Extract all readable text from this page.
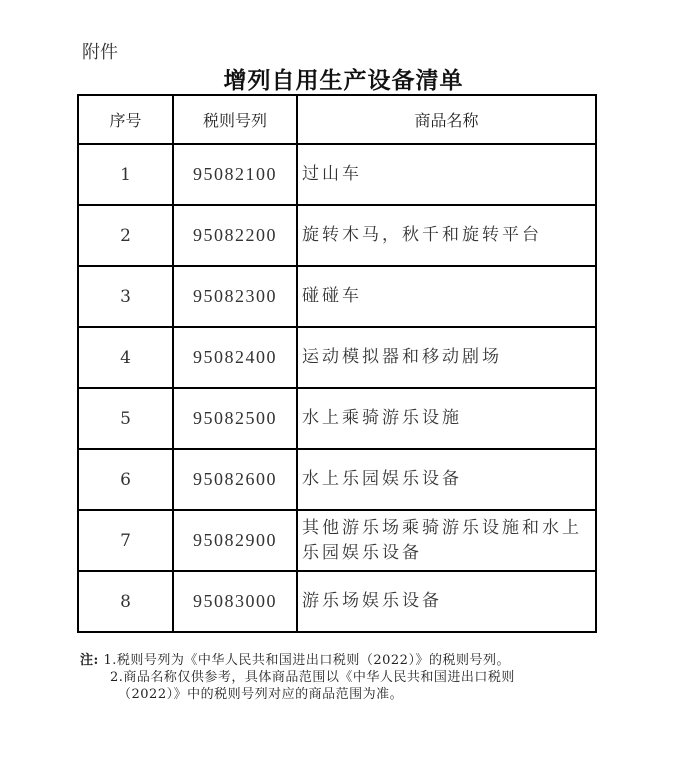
附件
增列自用生产设备清单
序号	税则号列	商品名称
1	95082100	过山车
2	95082200	旋转木马，秋千和旋转平台
3	95082300	碰碰车
4	95082400	运动模拟器和移动剧场
5	95082500	水上乘骑游乐设施
6	95082600	水上乐园娱乐设备
7	95082900	其他游乐场乘骑游乐设施和水上乐园娱乐设备
8	95083000	游乐场娱乐设备
注: 1.税则号列为《中华人民共和国进出口税则（2022）》的税则号列。
2.商品名称仅供参考，具体商品范围以《中华人民共和国进出口税则
（2022）》中的税则号列对应的商品范围为准。
